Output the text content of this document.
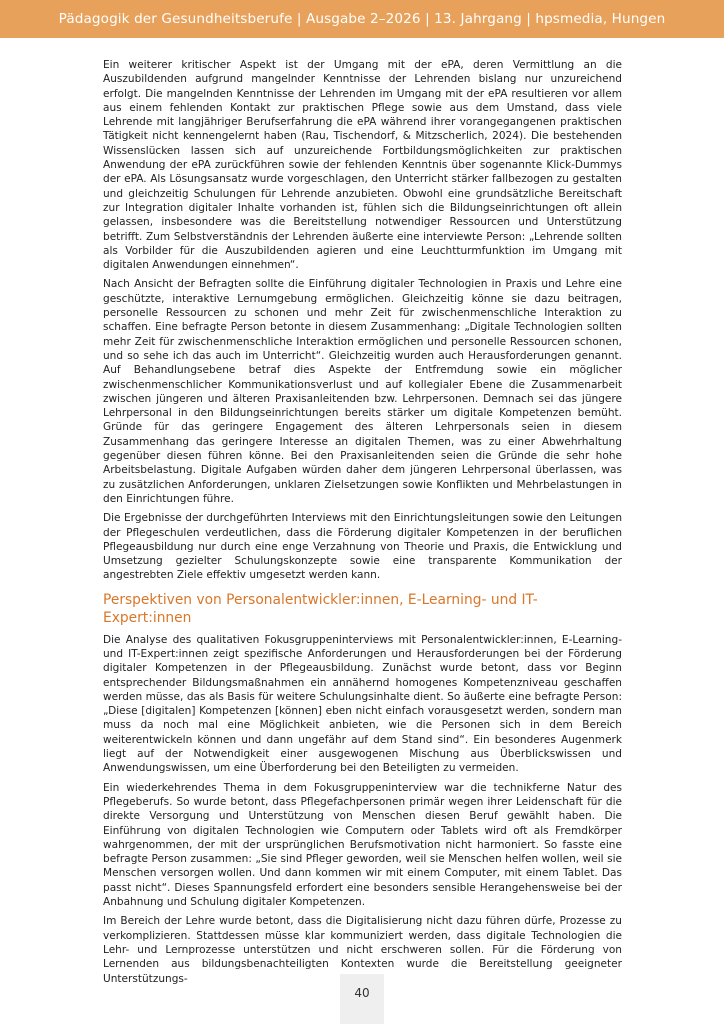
Pädagogik der Gesundheitsberufe | Ausgabe 2–2026 | 13. Jahrgang | hpsmedia, Hungen

Ein weiterer kritischer Aspekt ist der Umgang mit der ePA, deren Vermittlung an die Auszubildenden aufgrund mangelnder Kenntnisse der Lehrenden bislang nur unzureichend erfolgt. Die mangelnden Kenntnisse der Lehrenden im Umgang mit der ePA resultieren vor allem aus einem fehlenden Kontakt zur praktischen Pflege sowie aus dem Umstand, dass viele Lehrende mit langjähriger Berufserfahrung die ePA während ihrer vorangegangenen praktischen Tätigkeit nicht kennengelernt haben (Rau, Tischendorf, & Mitzscherlich, 2024). Die bestehenden Wissenslücken lassen sich auf unzureichende Fortbildungsmöglichkeiten zur praktischen Anwendung der ePA zurückführen sowie der fehlenden Kenntnis über sogenannte Klick-Dummys der ePA. Als Lösungsansatz wurde vorgeschlagen, den Unterricht stärker fallbezogen zu gestalten und gleichzeitig Schulungen für Lehrende anzubieten. Obwohl eine grundsätzliche Bereitschaft zur Integration digitaler Inhalte vorhanden ist, fühlen sich die Bildungseinrichtungen oft allein gelassen, insbesondere was die Bereitstellung notwendiger Ressourcen und Unterstützung betrifft. Zum Selbstverständnis der Lehrenden äußerte eine interviewte Person: „Lehrende sollten als Vorbilder für die Auszubildenden agieren und eine Leuchtturmfunktion im Umgang mit digitalen Anwendungen einnehmen“.

Nach Ansicht der Befragten sollte die Einführung digitaler Technologien in Praxis und Lehre eine geschützte, interaktive Lernumgebung ermöglichen. Gleichzeitig könne sie dazu beitragen, personelle Ressourcen zu schonen und mehr Zeit für zwischenmenschliche Interaktion zu schaffen. Eine befragte Person betonte in diesem Zusammenhang: „Digitale Technologien sollten mehr Zeit für zwischenmenschliche Interaktion ermöglichen und personelle Ressourcen schonen, und so sehe ich das auch im Unterricht“. Gleichzeitig wurden auch Herausforderungen genannt. Auf Behandlungsebene betraf dies Aspekte der Entfremdung sowie ein möglicher zwischenmenschlicher Kommunikationsverlust und auf kollegialer Ebene die Zusammenarbeit zwischen jüngeren und älteren Praxisanleitenden bzw. Lehrpersonen. Demnach sei das jüngere Lehrpersonal in den Bildungseinrichtungen bereits stärker um digitale Kompetenzen bemüht. Gründe für das geringere Engagement des älteren Lehrpersonals seien in diesem Zusammenhang das geringere Interesse an digitalen Themen, was zu einer Abwehrhaltung gegenüber diesen führen könne. Bei den Praxisanleitenden seien die Gründe die sehr hohe Arbeitsbelastung. Digitale Aufgaben würden daher dem jüngeren Lehrpersonal überlassen, was zu zusätzlichen Anforderungen, unklaren Zielsetzungen sowie Konflikten und Mehrbelastungen in den Einrichtungen führe.

Die Ergebnisse der durchgeführten Interviews mit den Einrichtungsleitungen sowie den Leitungen der Pflegeschulen verdeutlichen, dass die Förderung digitaler Kompetenzen in der beruflichen Pflegeausbildung nur durch eine enge Verzahnung von Theorie und Praxis, die Entwicklung und Umsetzung gezielter Schulungskonzepte sowie eine transparente Kommunikation der angestrebten Ziele effektiv umgesetzt werden kann.

Perspektiven von Personalentwickler:innen, E-Learning- und IT-Expert:innen

Die Analyse des qualitativen Fokusgruppeninterviews mit Personalentwickler:innen, E-Learning- und IT-Expert:innen zeigt spezifische Anforderungen und Herausforderungen bei der Förderung digitaler Kompetenzen in der Pflegeausbildung. Zunächst wurde betont, dass vor Beginn entsprechender Bildungsmaßnahmen ein annähernd homogenes Kompetenzniveau geschaffen werden müsse, das als Basis für weitere Schulungsinhalte dient. So äußerte eine befragte Person: „Diese [digitalen] Kompetenzen [können] eben nicht einfach vorausgesetzt werden, sondern man muss da noch mal eine Möglichkeit anbieten, wie die Personen sich in dem Bereich weiterentwickeln können und dann ungefähr auf dem Stand sind“. Ein besonderes Augenmerk liegt auf der Notwendigkeit einer ausgewogenen Mischung aus Überblickswissen und Anwendungswissen, um eine Überforderung bei den Beteiligten zu vermeiden.

Ein wiederkehrendes Thema in dem Fokusgruppeninterview war die technikferne Natur des Pflegeberufs. So wurde betont, dass Pflegefachpersonen primär wegen ihrer Leidenschaft für die direkte Versorgung und Unterstützung von Menschen diesen Beruf gewählt haben. Die Einführung von digitalen Technologien wie Computern oder Tablets wird oft als Fremdkörper wahrgenommen, der mit der ursprünglichen Berufsmotivation nicht harmoniert. So fasste eine befragte Person zusammen: „Sie sind Pfleger geworden, weil sie Menschen helfen wollen, weil sie Menschen versorgen wollen. Und dann kommen wir mit einem Computer, mit einem Tablet. Das passt nicht“. Dieses Spannungsfeld erfordert eine besonders sensible Herangehensweise bei der Anbahnung und Schulung digitaler Kompetenzen.

Im Bereich der Lehre wurde betont, dass die Digitalisierung nicht dazu führen dürfe, Prozesse zu verkomplizieren. Stattdessen müsse klar kommuniziert werden, dass digitale Technologien die Lehr- und Lernprozesse unterstützen und nicht erschweren sollen. Für die Förderung von Lernenden aus bildungsbenachteiligten Kontexten wurde die Bereitstellung geeigneter Unterstützungs-

40
